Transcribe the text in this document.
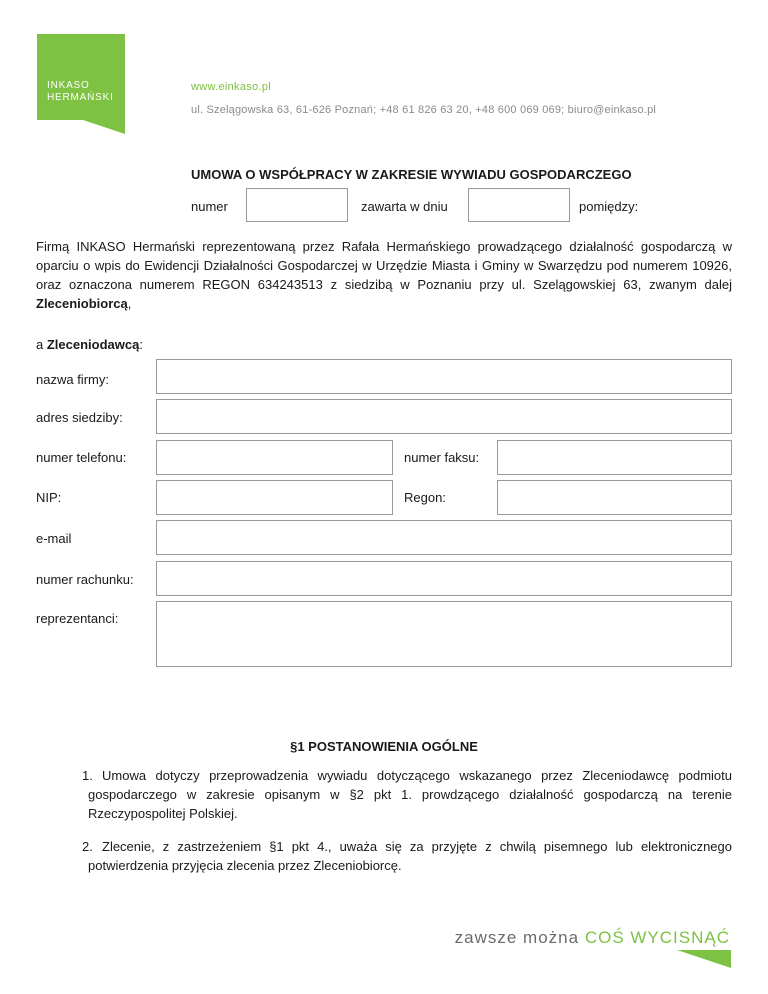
INKASO
HERMAŃSKI
www.einkaso.pl
ul. Szelągowska 63, 61-626 Poznań; +48 61 826 63 20, +48 600 069 069; biuro@einkaso.pl
UMOWA O WSPÓŁPRACY W ZAKRESIE WYWIADU GOSPODARCZEGO
numer	zawarta w dniu	pomiędzy:

Firmą INKASO Hermański reprezentowaną przez Rafała Hermańskiego prowadzącego działalność gospodarczą w oparciu o wpis do Ewidencji Działalności Gospodarczej w Urzędzie Miasta i Gminy w Swarzędzu pod numerem 10926, oraz oznaczona numerem REGON 634243513 z siedzibą w Poznaniu przy ul. Szelągowskiej 63, zwanym dalej Zleceniobiorcą,

a Zleceniodawcą:
nazwa firmy:
adres siedziby:
numer telefonu:	numer faksu:
NIP:	Regon:
e-mail
numer rachunku:
reprezentanci:
§1 POSTANOWIENIA OGÓLNE
1. Umowa dotyczy przeprowadzenia wywiadu dotyczącego wskazanego przez Zleceniodawcę podmiotu gospodarczego w zakresie opisanym w §2 pkt 1. prowdzącego działalność gospodarczą na terenie Rzeczypospolitej Polskiej.
2. Zlecenie, z zastrzeżeniem §1 pkt 4., uważa się za przyjęte z chwilą pisemnego lub elektronicznego potwierdzenia przyjęcia zlecenia przez Zleceniobiorcę.
zawsze można COŚ WYCISNĄĆ
